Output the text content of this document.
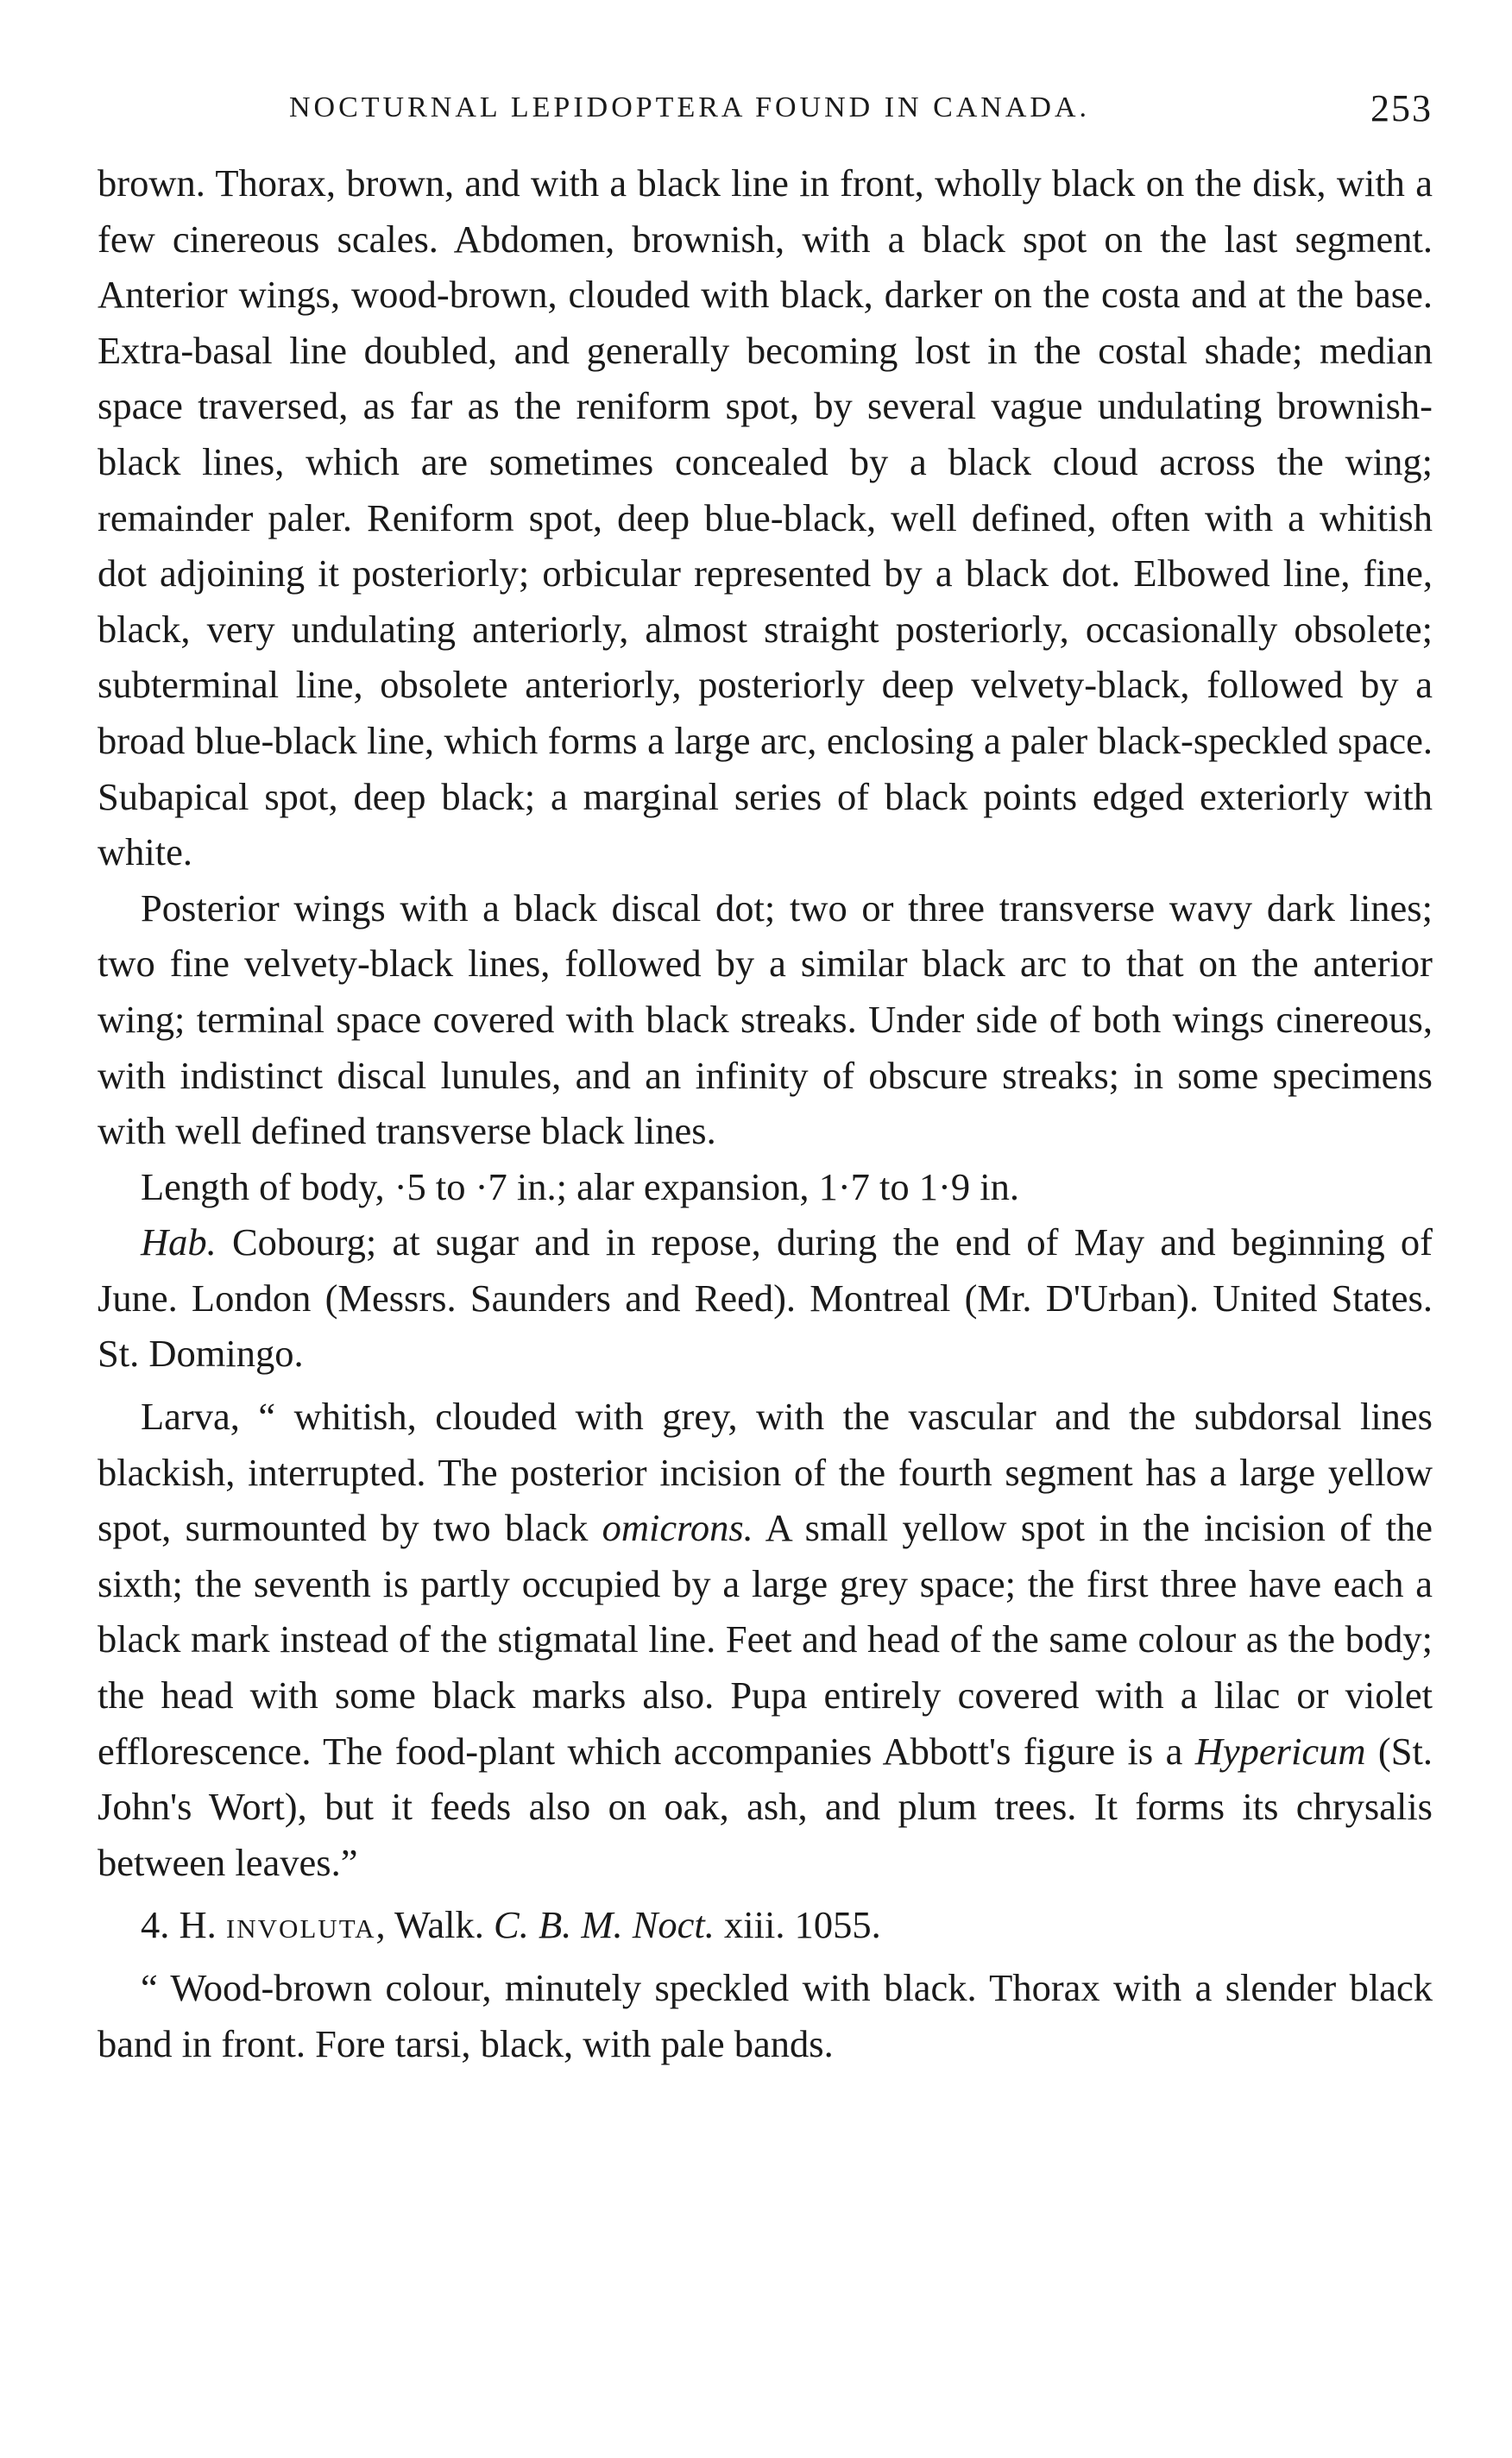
NOCTURNAL LEPIDOPTERA FOUND IN CANADA.	253

brown. Thorax, brown, and with a black line in front, wholly black on the disk, with a few cinereous scales. Abdomen, brownish, with a black spot on the last segment. Anterior wings, wood-brown, clouded with black, darker on the costa and at the base. Extra-basal line doubled, and generally becoming lost in the costal shade; median space traversed, as far as the reniform spot, by several vague undulating brownish-black lines, which are sometimes concealed by a black cloud across the wing; remainder paler. Reniform spot, deep blue-black, well defined, often with a whitish dot adjoining it posteriorly; orbicular represented by a black dot. Elbowed line, fine, black, very undulating anteriorly, almost straight posteriorly, occasionally obsolete; subterminal line, obsolete anteriorly, posteriorly deep velvety-black, followed by a broad blue-black line, which forms a large arc, enclosing a paler black-speckled space. Subapical spot, deep black; a marginal series of black points edged exteriorly with white.

Posterior wings with a black discal dot; two or three transverse wavy dark lines; two fine velvety-black lines, followed by a similar black arc to that on the anterior wing; terminal space covered with black streaks. Under side of both wings cinereous, with indistinct discal lunules, and an infinity of obscure streaks; in some specimens with well defined transverse black lines.

Length of body, ·5 to ·7 in.; alar expansion, 1·7 to 1·9 in.

Hab. Cobourg; at sugar and in repose, during the end of May and beginning of June. London (Messrs. Saunders and Reed). Montreal (Mr. D'Urban). United States. St. Domingo.

Larva, “ whitish, clouded with grey, with the vascular and the subdorsal lines blackish, interrupted. The posterior incision of the fourth segment has a large yellow spot, surmounted by two black omicrons. A small yellow spot in the incision of the sixth; the seventh is partly occupied by a large grey space; the first three have each a black mark instead of the stigmatal line. Feet and head of the same colour as the body; the head with some black marks also. Pupa entirely covered with a lilac or violet efflorescence. The food-plant which accompanies Abbott's figure is a Hypericum (St. John's Wort), but it feeds also on oak, ash, and plum trees. It forms its chrysalis between leaves.”

4. H. involuta, Walk. C. B. M. Noct. xiii. 1055.

“ Wood-brown colour, minutely speckled with black. Thorax with a slender black band in front. Fore tarsi, black, with pale bands.
